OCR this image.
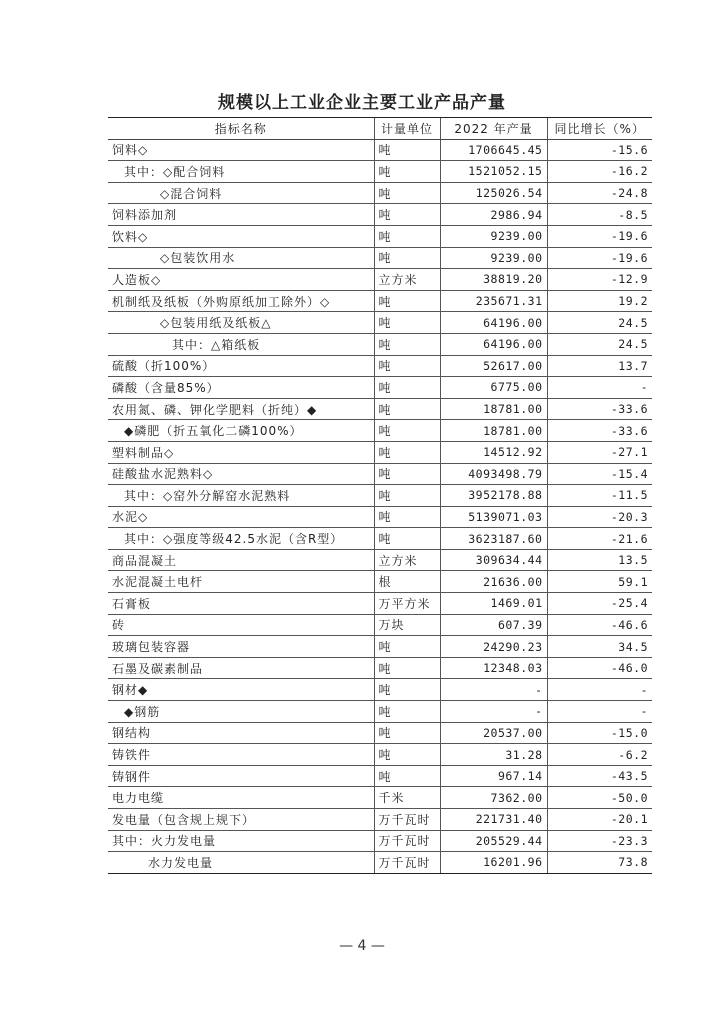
规模以上工业企业主要工业产品产量
指标名称	计量单位	2022 年产量	同比增长（%）
饲料◇	吨	1706645.45	-15.6
其中：◇配合饲料	吨	1521052.15	-16.2
◇混合饲料	吨	125026.54	-24.8
饲料添加剂	吨	2986.94	-8.5
饮料◇	吨	9239.00	-19.6
◇包装饮用水	吨	9239.00	-19.6
人造板◇	立方米	38819.20	-12.9
机制纸及纸板（外购原纸加工除外）◇	吨	235671.31	19.2
◇包装用纸及纸板△	吨	64196.00	24.5
其中：△箱纸板	吨	64196.00	24.5
硫酸（折100%）	吨	52617.00	13.7
磷酸（含量85%）	吨	6775.00	-
农用氮、磷、钾化学肥料（折纯）◆	吨	18781.00	-33.6
◆磷肥（折五氧化二磷100%）	吨	18781.00	-33.6
塑料制品◇	吨	14512.92	-27.1
硅酸盐水泥熟料◇	吨	4093498.79	-15.4
其中：◇窑外分解窑水泥熟料	吨	3952178.88	-11.5
水泥◇	吨	5139071.03	-20.3
其中：◇强度等级42.5水泥（含R型）	吨	3623187.60	-21.6
商品混凝土	立方米	309634.44	13.5
水泥混凝土电杆	根	21636.00	59.1
石膏板	万平方米	1469.01	-25.4
砖	万块	607.39	-46.6
玻璃包装容器	吨	24290.23	34.5
石墨及碳素制品	吨	12348.03	-46.0
钢材◆	吨	-	-
◆钢筋	吨	-	-
钢结构	吨	20537.00	-15.0
铸铁件	吨	31.28	-6.2
铸钢件	吨	967.14	-43.5
电力电缆	千米	7362.00	-50.0
发电量（包含规上规下）	万千瓦时	221731.40	-20.1
其中：火力发电量	万千瓦时	205529.44	-23.3
水力发电量	万千瓦时	16201.96	73.8
— 4 —
